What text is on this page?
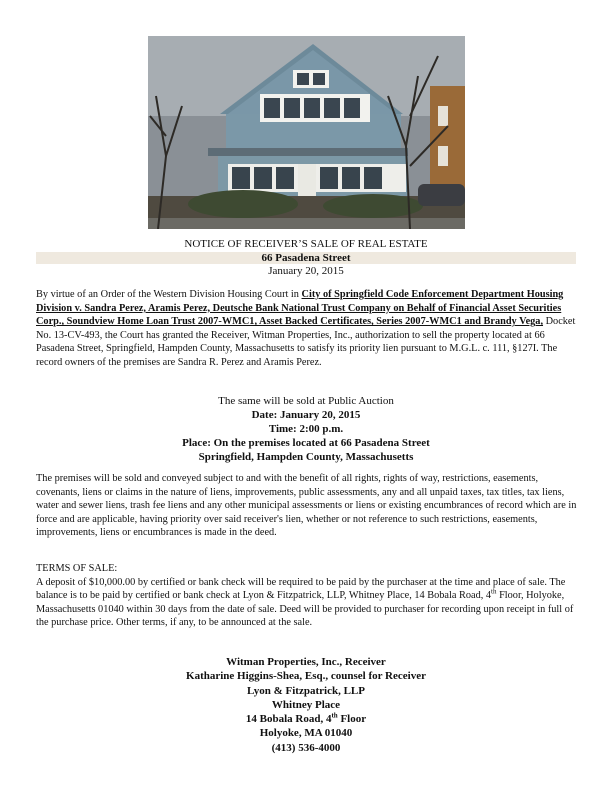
NOTICE OF RECEIVER’S SALE OF REAL ESTATE
66 Pasadena Street
January 20, 2015
By virtue of an Order of the Western Division Housing Court in City of Springfield Code Enforcement Department Housing Division v. Sandra Perez, Aramis Perez, Deutsche Bank National Trust Company on Behalf of Financial Asset Securities Corp., Soundview Home Loan Trust 2007-WMC1, Asset Backed Certificates, Series 2007-WMC1 and Brandy Vega, Docket No. 13-CV-493, the Court has granted the Receiver, Witman Properties, Inc., authorization to sell the property located at 66 Pasadena Street, Springfield, Hampden County, Massachusetts to satisfy its priority lien pursuant to M.G.L. c. 111, §127I. The record owners of the premises are Sandra R. Perez and Aramis Perez.
The same will be sold at Public Auction
Date: January 20, 2015
Time: 2:00 p.m.
Place: On the premises located at 66 Pasadena Street
Springfield, Hampden County, Massachusetts
The premises will be sold and conveyed subject to and with the benefit of all rights, rights of way, restrictions, easements, covenants, liens or claims in the nature of liens, improvements, public assessments, any and all unpaid taxes, tax titles, tax liens, water and sewer liens, trash fee liens and any other municipal assessments or liens or existing encumbrances of record which are in force and are applicable, having priority over said receiver's lien, whether or not reference to such restrictions, easements, improvements, liens or encumbrances is made in the deed.
TERMS OF SALE:
A deposit of $10,000.00 by certified or bank check will be required to be paid by the purchaser at the time and place of sale. The balance is to be paid by certified or bank check at Lyon & Fitzpatrick, LLP, Whitney Place, 14 Bobala Road, 4th Floor, Holyoke, Massachusetts 01040 within 30 days from the date of sale. Deed will be provided to purchaser for recording upon receipt in full of the purchase price. Other terms, if any, to be announced at the sale.
Witman Properties, Inc., Receiver
Katharine Higgins-Shea, Esq., counsel for Receiver
Lyon & Fitzpatrick, LLP
Whitney Place
14 Bobala Road, 4th Floor
Holyoke, MA 01040
(413) 536-4000
